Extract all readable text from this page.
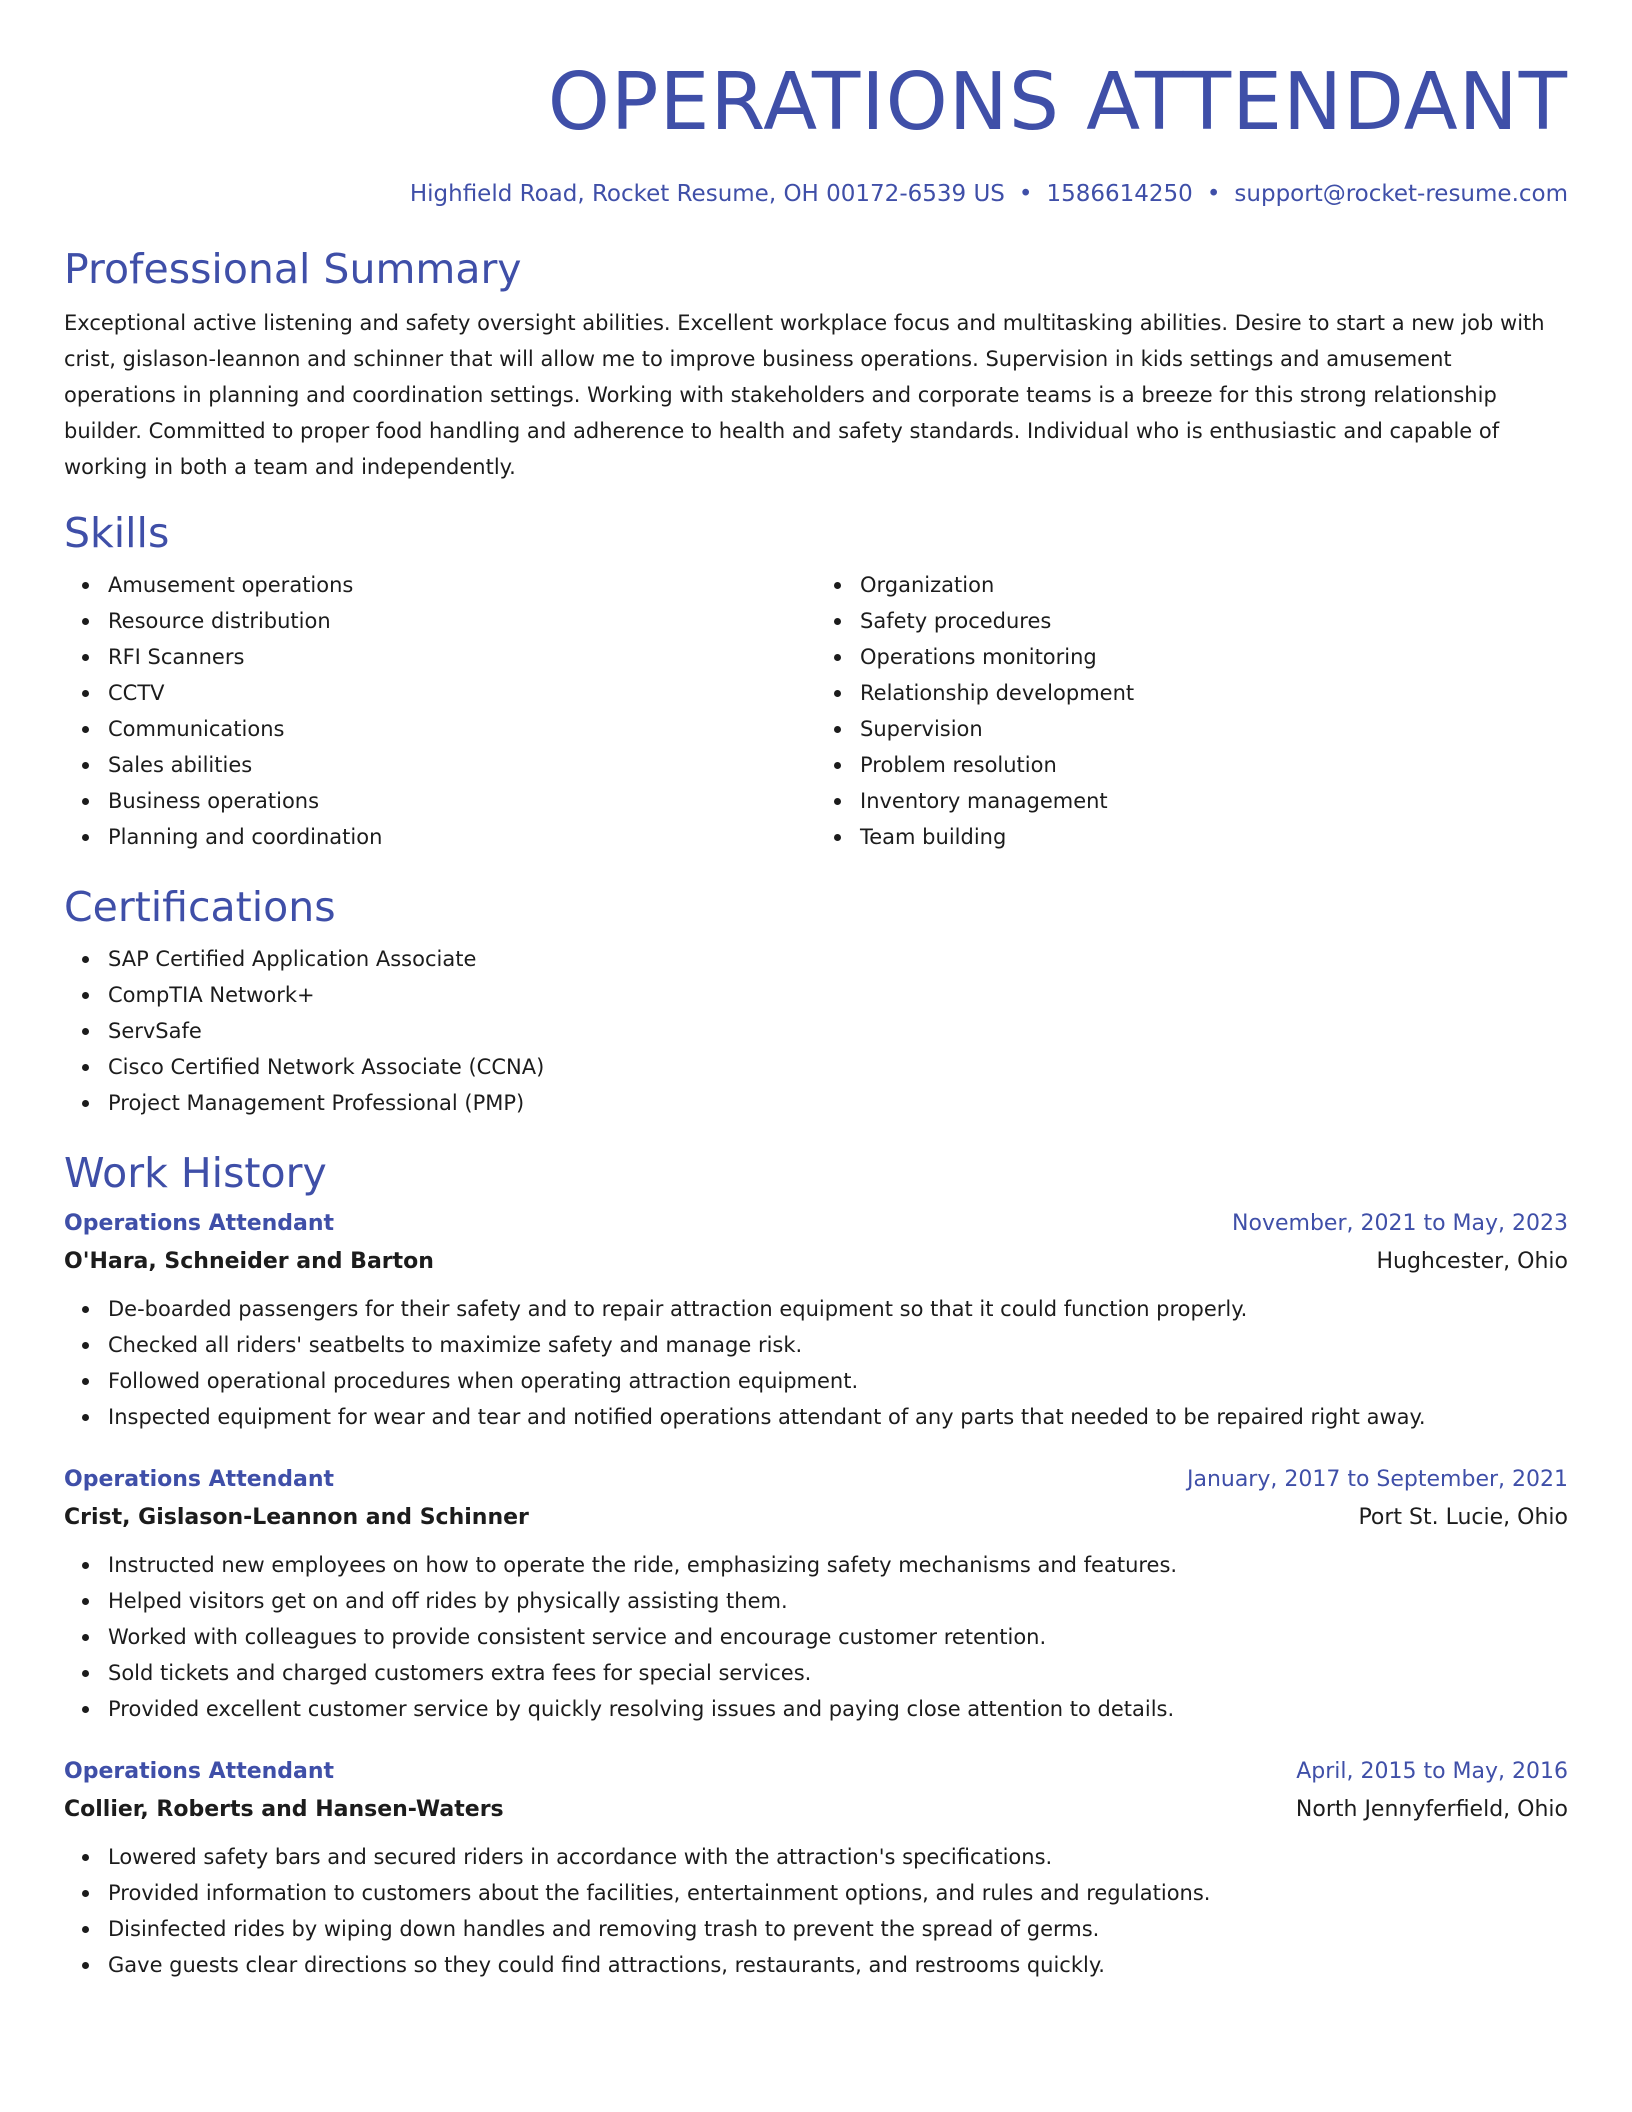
OPERATIONS ATTENDANT
Highfield Road, Rocket Resume, OH 00172-6539 US • 1586614250 • support@rocket-resume.com
Professional Summary

Exceptional active listening and safety oversight abilities. Excellent workplace focus and multitasking abilities. Desire to start a new job with crist, gislason-leannon and schinner that will allow me to improve business operations. Supervision in kids settings and amusement operations in planning and coordination settings. Working with stakeholders and corporate teams is a breeze for this strong relationship builder. Committed to proper food handling and adherence to health and safety standards. Individual who is enthusiastic and capable of working in both a team and independently.

Skills
Amusement operations
Resource distribution
RFI Scanners
CCTV
Communications
Sales abilities
Business operations
Planning and coordination
Organization
Safety procedures
Operations monitoring
Relationship development
Supervision
Problem resolution
Inventory management
Team building
Certifications
SAP Certified Application Associate
CompTIA Network+
ServSafe
Cisco Certified Network Associate (CCNA)
Project Management Professional (PMP)
Work History
Operations Attendant	November, 2021 to May, 2023
O'Hara, Schneider and Barton	Hughcester, Ohio
De-boarded passengers for their safety and to repair attraction equipment so that it could function properly.
Checked all riders' seatbelts to maximize safety and manage risk.
Followed operational procedures when operating attraction equipment.
Inspected equipment for wear and tear and notified operations attendant of any parts that needed to be repaired right away.
Operations Attendant	January, 2017 to September, 2021
Crist, Gislason-Leannon and Schinner	Port St. Lucie, Ohio
Instructed new employees on how to operate the ride, emphasizing safety mechanisms and features.
Helped visitors get on and off rides by physically assisting them.
Worked with colleagues to provide consistent service and encourage customer retention.
Sold tickets and charged customers extra fees for special services.
Provided excellent customer service by quickly resolving issues and paying close attention to details.
Operations Attendant	April, 2015 to May, 2016
Collier, Roberts and Hansen-Waters	North Jennyferfield, Ohio
Lowered safety bars and secured riders in accordance with the attraction's specifications.
Provided information to customers about the facilities, entertainment options, and rules and regulations.
Disinfected rides by wiping down handles and removing trash to prevent the spread of germs.
Gave guests clear directions so they could find attractions, restaurants, and restrooms quickly.
